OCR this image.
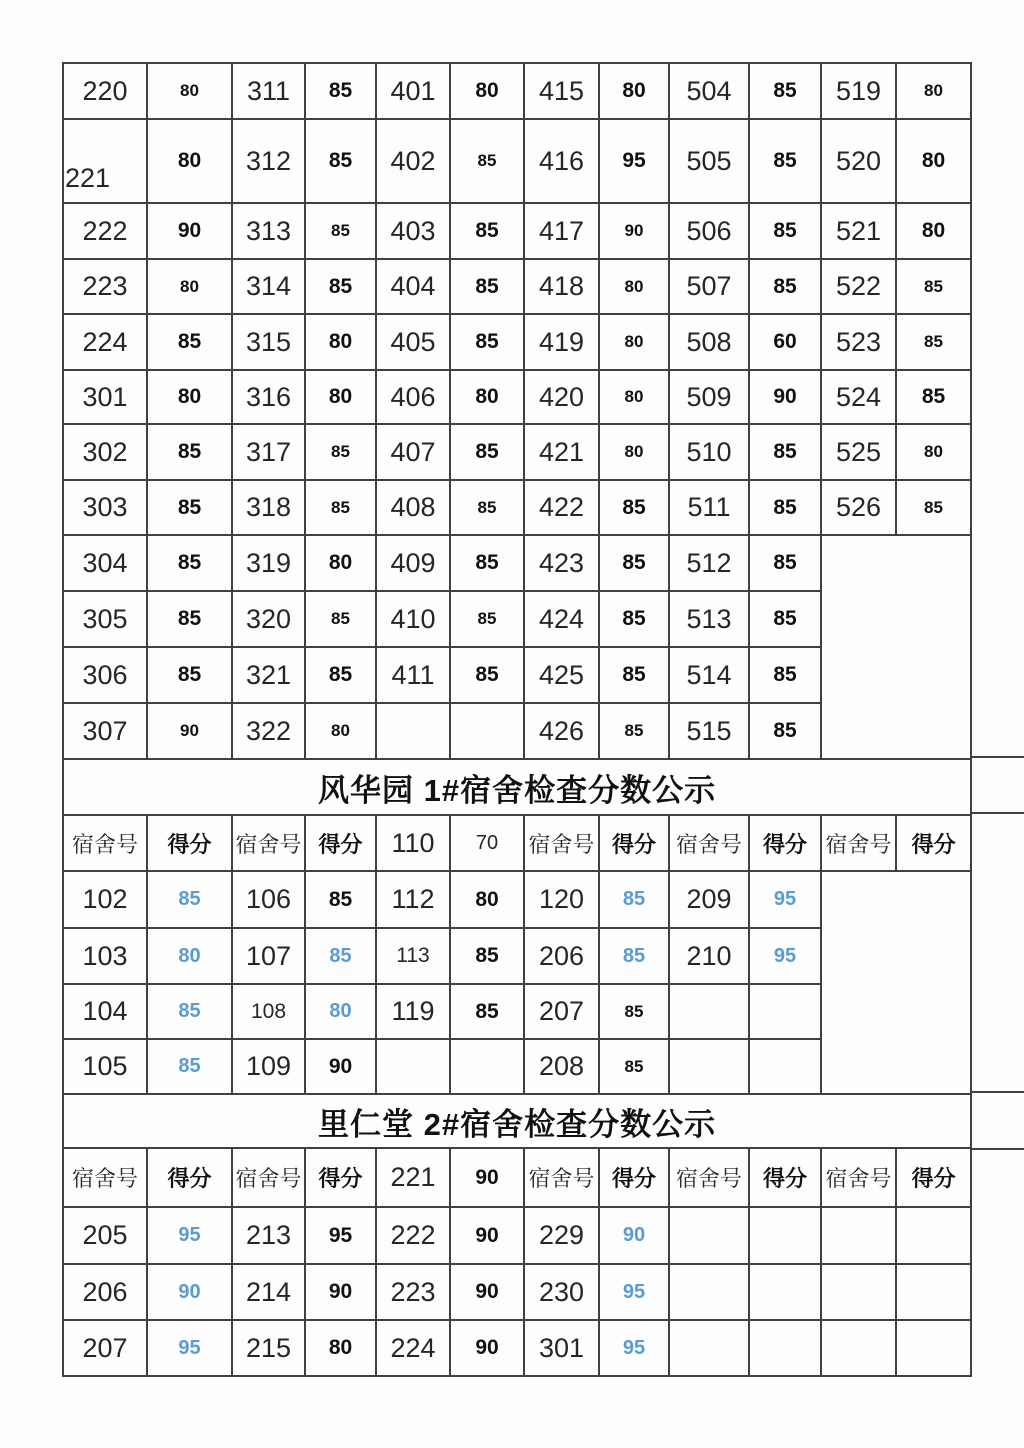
220	80	311	85	401	80	415	80	504	85	519	80
221	80	312	85	402	85	416	95	505	85	520	80
222	90	313	85	403	85	417	90	506	85	521	80
223	80	314	85	404	85	418	80	507	85	522	85
224	85	315	80	405	85	419	80	508	60	523	85
301	80	316	80	406	80	420	80	509	90	524	85
302	85	317	85	407	85	421	80	510	85	525	80
303	85	318	85	408	85	422	85	511	85	526	85
304	85	319	80	409	85	423	85	512	85		
305	85	320	85	410	85	424	85	513	85		
306	85	321	85	411	85	425	85	514	85		
307	90	322	80			426	85	515	85		
风华园 1#宿舍检查分数公示											
宿舍号	得分	宿舍号	得分	110	70	宿舍号	得分	宿舍号	得分	宿舍号	得分
102	85	106	85	112	80	120	85	209	95		
103	80	107	85	113	85	206	85	210	95		
104	85	108	80	119	85	207	85				
105	85	109	90			208	85				
里仁堂 2#宿舍检查分数公示											
宿舍号	得分	宿舍号	得分	221	90	宿舍号	得分	宿舍号	得分	宿舍号	得分
205	95	213	95	222	90	229	90				
206	90	214	90	223	90	230	95				
207	95	215	80	224	90	301	95				
